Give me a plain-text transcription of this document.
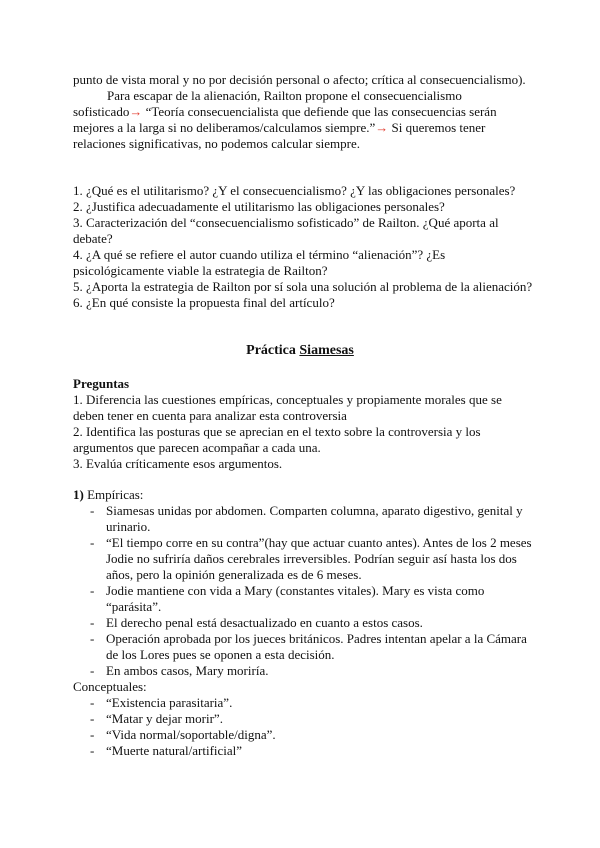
punto de vista moral y no por decisión personal o afecto; crítica al consecuencialismo).

Para escapar de la alienación, Railton propone el consecuencialismo sofisticado→ “Teoría consecuencialista que defiende que las consecuencias serán mejores a la larga si no deliberamos/calculamos siempre.”→ Si queremos tener relaciones significativas, no podemos calcular siempre.

1. ¿Qué es el utilitarismo? ¿Y el consecuencialismo? ¿Y las obligaciones personales?

2. ¿Justifica adecuadamente el utilitarismo las obligaciones personales?

3. Caracterización del “consecuencialismo sofisticado” de Railton. ¿Qué aporta al debate?

4. ¿A qué se refiere el autor cuando utiliza el término “alienación”? ¿Es psicológicamente viable la estrategia de Railton?

5. ¿Aporta la estrategia de Railton por sí sola una solución al problema de la alienación?

6. ¿En qué consiste la propuesta final del artículo?

Práctica Siamesas

Preguntas

1. Diferencia las cuestiones empíricas, conceptuales y propiamente morales que se deben tener en cuenta para analizar esta controversia

2. Identifica las posturas que se aprecian en el texto sobre la controversia y los argumentos que parecen acompañar a cada una.

3. Evalúa críticamente esos argumentos.

1) Empíricas:

- Siamesas unidas por abdomen. Comparten columna, aparato digestivo, genital y urinario.
- “El tiempo corre en su contra”(hay que actuar cuanto antes). Antes de los 2 meses Jodie no sufriría daños cerebrales irreversibles. Podrían seguir así hasta los dos años, pero la opinión generalizada es de 6 meses.
- Jodie mantiene con vida a Mary (constantes vitales). Mary es vista como “parásita”.
- El derecho penal está desactualizado en cuanto a estos casos.
- Operación aprobada por los jueces británicos. Padres intentan apelar a la Cámara de los Lores pues se oponen a esta decisión.
- En ambos casos, Mary moriría.

Conceptuales:

- “Existencia parasitaria”.
- “Matar y dejar morir”.
- “Vida normal/soportable/digna”.
- “Muerte natural/artificial”
